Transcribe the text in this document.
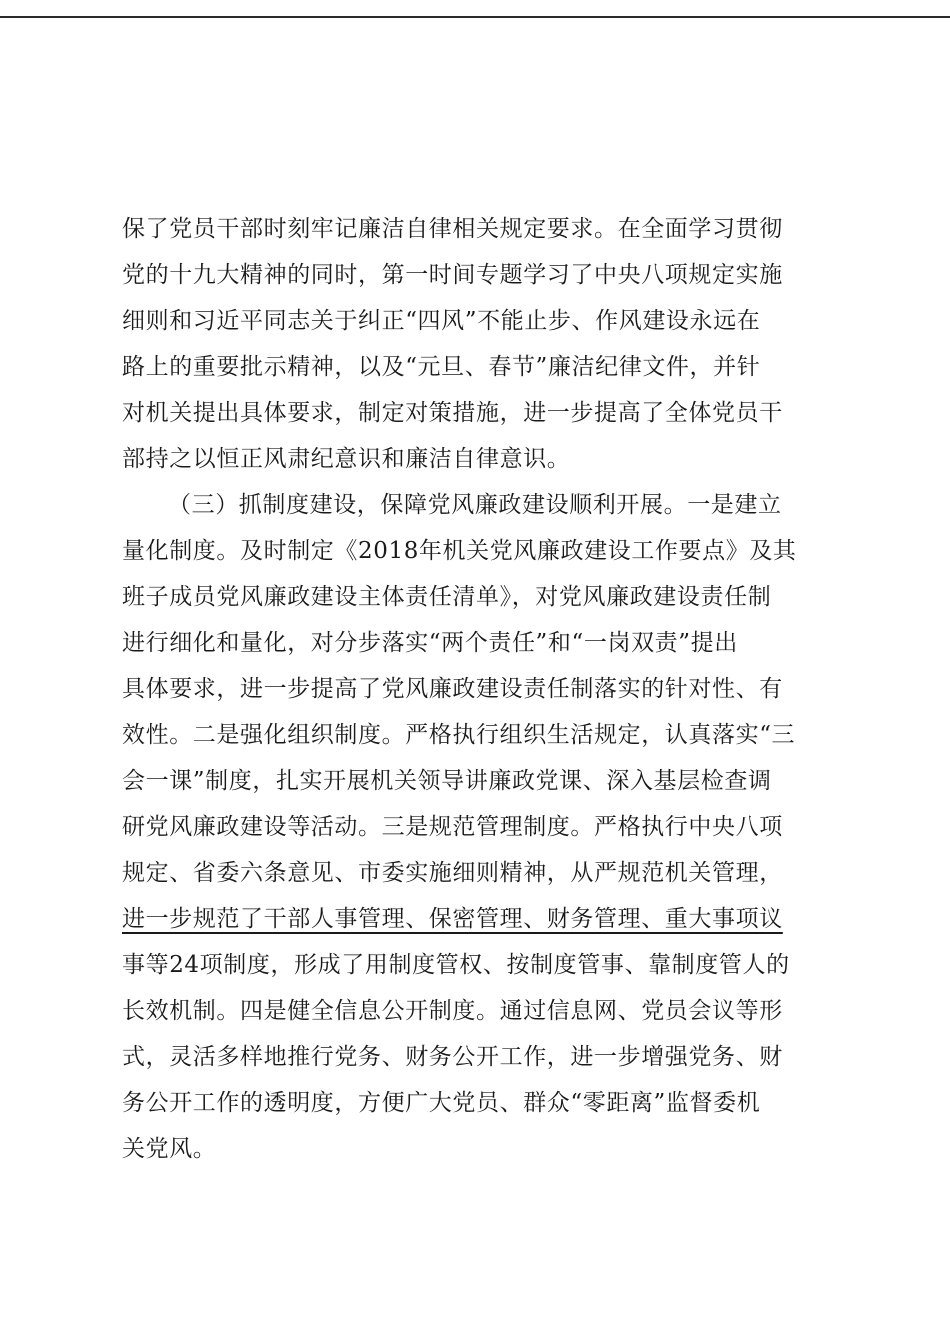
保了党员干部时刻牢记廉洁自律相关规定要求。在全面学习贯彻
党的十九大精神的同时，第一时间专题学习了中央八项规定实施
细则和习近平同志关于纠正“四风”不能止步、作风建设永远在
路上的重要批示精神，以及“元旦、春节”廉洁纪律文件，并针
对机关提出具体要求，制定对策措施，进一步提高了全体党员干
部持之以恒正风肃纪意识和廉洁自律意识。
（三）抓制度建设，保障党风廉政建设顺利开展。一是建立
量化制度。及时制定《2018年机关党风廉政建设工作要点》及其
班子成员党风廉政建设主体责任清单》，对党风廉政建设责任制
进行细化和量化，对分步落实“两个责任”和“一岗双责”提出
具体要求，进一步提高了党风廉政建设责任制落实的针对性、有
效性。二是强化组织制度。严格执行组织生活规定，认真落实“三
会一课”制度，扎实开展机关领导讲廉政党课、深入基层检查调
研党风廉政建设等活动。三是规范管理制度。严格执行中央八项
规定、省委六条意见、市委实施细则精神，从严规范机关管理，
进一步规范了干部人事管理、保密管理、财务管理、重大事项议
事等24项制度，形成了用制度管权、按制度管事、靠制度管人的
长效机制。四是健全信息公开制度。通过信息网、党员会议等形
式，灵活多样地推行党务、财务公开工作，进一步增强党务、财
务公开工作的透明度，方便广大党员、群众“零距离”监督委机
关党风。
